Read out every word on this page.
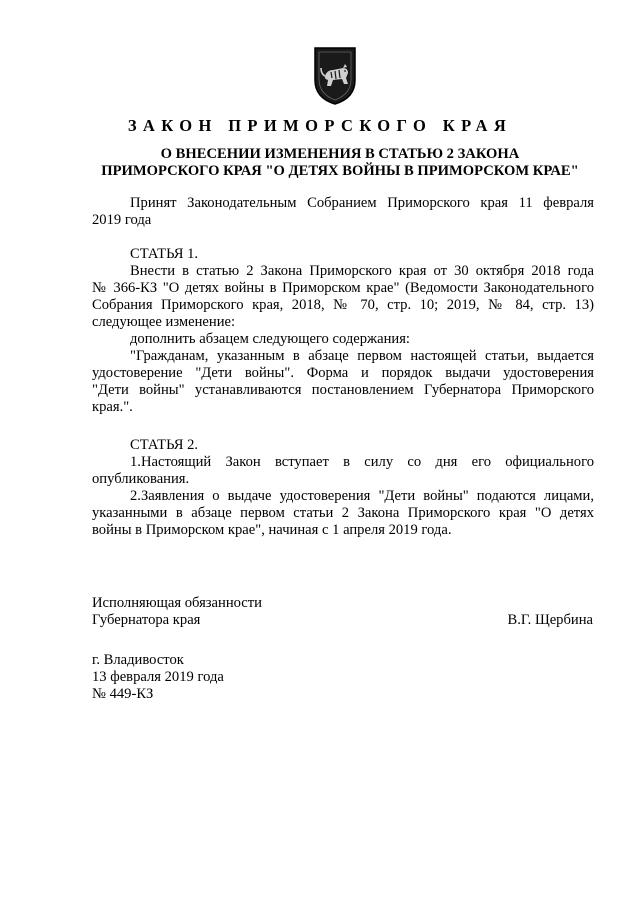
ЗАКОН ПРИМОРСКОГО КРАЯ
О ВНЕСЕНИИ ИЗМЕНЕНИЯ В СТАТЬЮ 2 ЗАКОНА
ПРИМОРСКОГО КРАЯ "О ДЕТЯХ ВОЙНЫ В ПРИМОРСКОМ КРАЕ"
Принят Законодательным Собранием Приморского края 11 февраля
2019 года
СТАТЬЯ 1.
Внести в статью 2 Закона Приморского края от 30 октября 2018 года
№ 366-КЗ "О детях войны в Приморском крае" (Ведомости Законодательного
Собрания Приморского края, 2018, № 70, стр. 10; 2019, № 84, стр. 13)
следующее изменение:
дополнить абзацем следующего содержания:
"Гражданам, указанным в абзаце первом настоящей статьи, выдается
удостоверение "Дети войны". Форма и порядок выдачи удостоверения
"Дети войны" устанавливаются постановлением Губернатора Приморского
края.".
СТАТЬЯ 2.
1.Настоящий Закон вступает в силу со дня его официального
опубликования.
2.Заявления о выдаче удостоверения "Дети войны" подаются лицами,
указанными в абзаце первом статьи 2 Закона Приморского края "О детях
войны в Приморском крае", начиная с 1 апреля 2019 года.
Исполняющая обязанности
Губернатора края	В.Г. Щербина
г. Владивосток
13 февраля 2019 года
№ 449-КЗ
